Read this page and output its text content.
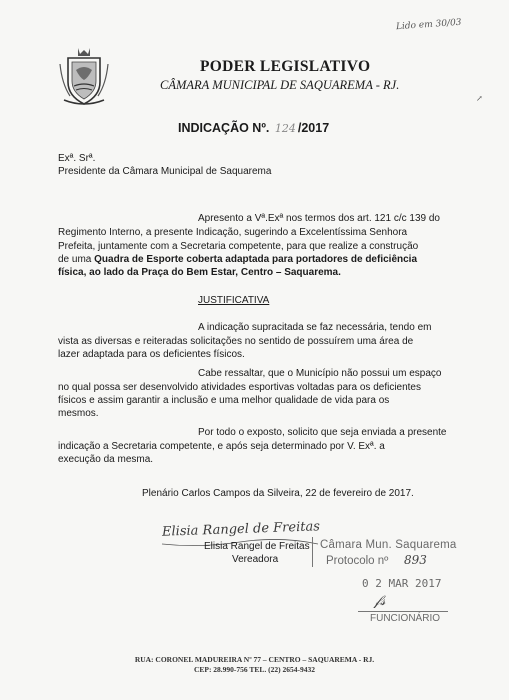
Lido em 30/03
PODER LEGISLATIVO
CÂMARA MUNICIPAL DE SAQUAREMA - RJ.
↗
INDICAÇÃO Nº. 124 /2017
Exª. Srª.
Presidente da Câmara Municipal de Saquarema
Apresento a Vª.Exª nos termos dos art. 121 c/c 139 do
Regimento Interno, a presente Indicação, sugerindo a Excelentíssima Senhora
Prefeita, juntamente com a Secretaria competente, para que realize a construção
de uma Quadra de Esporte coberta adaptada para portadores de deficiência
física, ao lado da Praça do Bem Estar, Centro – Saquarema.
JUSTIFICATIVA
A indicação supracitada se faz necessária, tendo em
vista as diversas e reiteradas solicitações no sentido de possuírem uma área de
lazer adaptada para os deficientes físicos.
Cabe ressaltar, que o Município não possui um espaço
no qual possa ser desenvolvido atividades esportivas voltadas para os deficientes
físicos e assim garantir a inclusão e uma melhor qualidade de vida para os
mesmos.
Por todo o exposto, solicito que seja enviada a presente
indicação a Secretaria competente, e após seja determinado por V. Exª. a
execução da mesma.
Plenário Carlos Campos da Silveira, 22 de fevereiro de 2017.
Elisia Rangel de Freitas
Elisia Rangel de Freitas
Vereadora
Câmara Mun. Saquarema
Protocolo nº 893
0 2 MAR 2017
𝒻𝓈
FUNCIONÁRIO
RUA: CORONEL MADUREIRA Nº 77 – CENTRO – SAQUAREMA - RJ.
CEP: 28.990-756 TEL. (22) 2654-9432
